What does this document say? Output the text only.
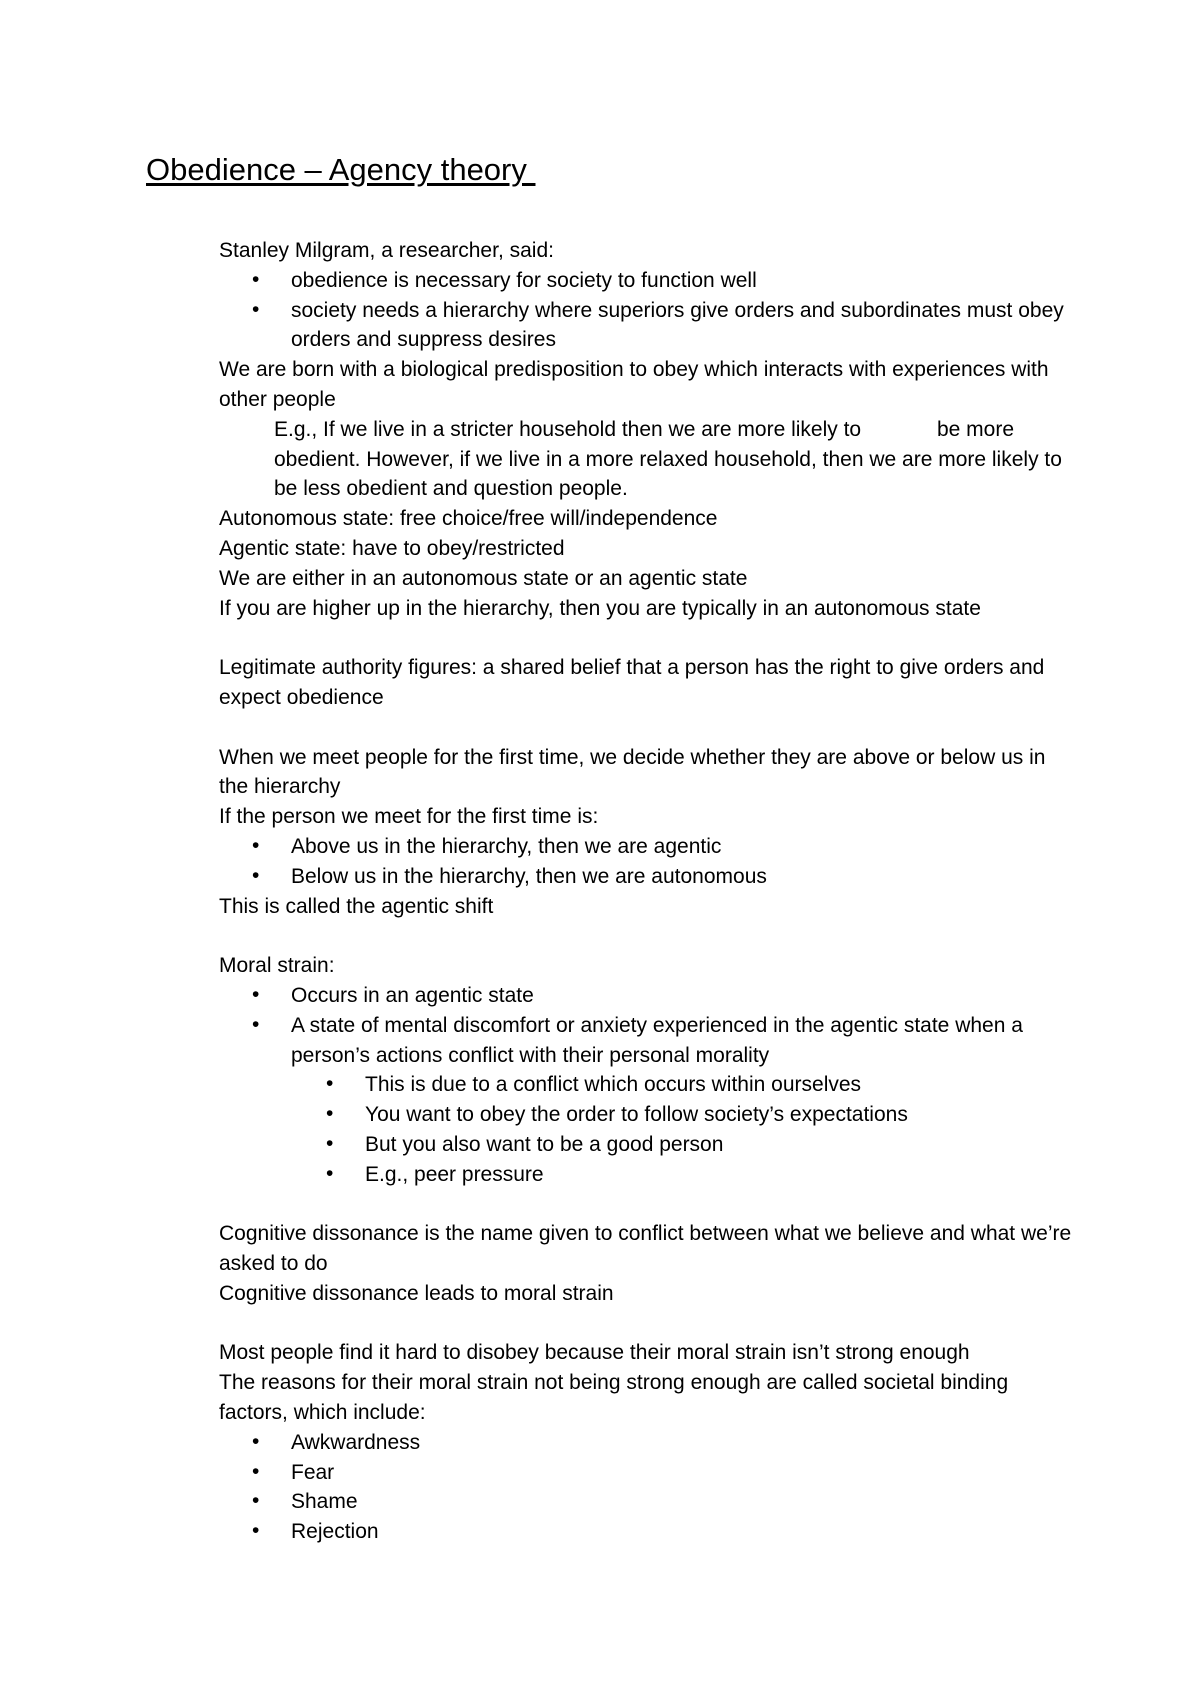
Obedience – Agency theory

Stanley Milgram, a researcher, said:

• obedience is necessary for society to function well
• society needs a hierarchy where superiors give orders and subordinates must obey orders and suppress desires

We are born with a biological predisposition to obey which interacts with experiences with other people

E.g., If we live in a stricter household then we are more likely to             be more obedient. However, if we live in a more relaxed household, then we are more likely to be less obedient and question people.

Autonomous state: free choice/free will/independence

Agentic state: have to obey/restricted

We are either in an autonomous state or an agentic state

If you are higher up in the hierarchy, then you are typically in an autonomous state

Legitimate authority figures: a shared belief that a person has the right to give orders and expect obedience

When we meet people for the first time, we decide whether they are above or below us in the hierarchy

If the person we meet for the first time is:

• Above us in the hierarchy, then we are agentic
• Below us in the hierarchy, then we are autonomous

This is called the agentic shift

Moral strain:

• Occurs in an agentic state
• A state of mental discomfort or anxiety experienced in the agentic state when a person’s actions conflict with their personal morality
• This is due to a conflict which occurs within ourselves
• You want to obey the order to follow society’s expectations
• But you also want to be a good person
• E.g., peer pressure

Cognitive dissonance is the name given to conflict between what we believe and what we’re asked to do

Cognitive dissonance leads to moral strain

Most people find it hard to disobey because their moral strain isn’t strong enough

The reasons for their moral strain not being strong enough are called societal binding factors, which include:

• Awkwardness
• Fear
• Shame
• Rejection
